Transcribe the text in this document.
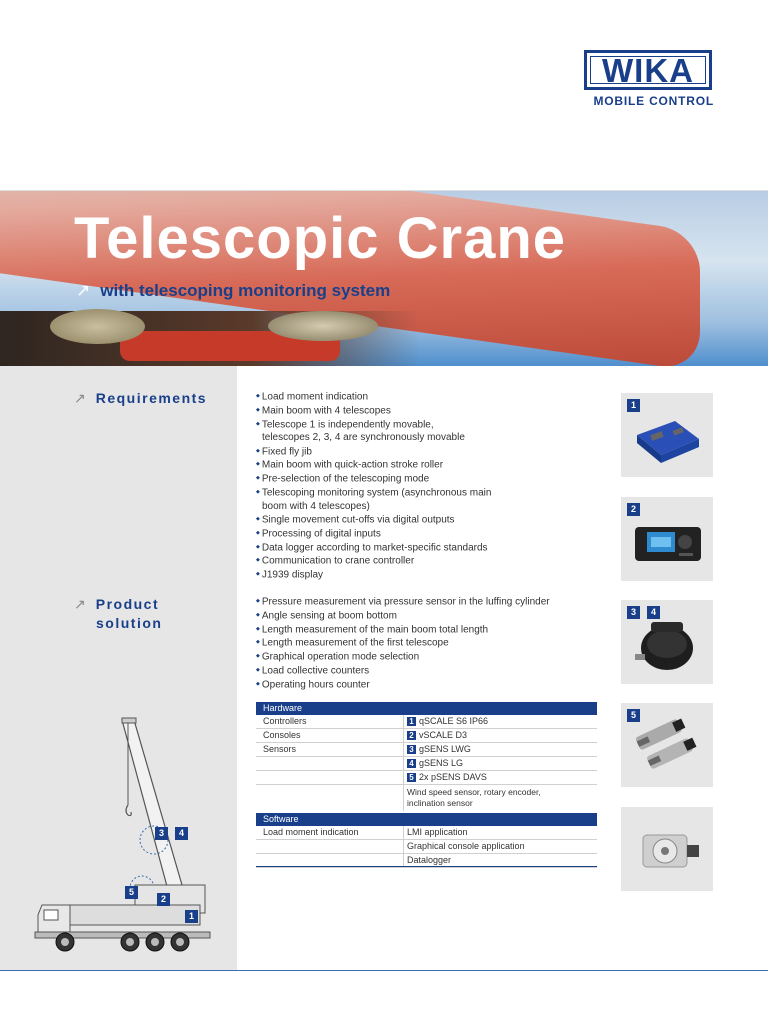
WIKA
MOBILE CONTROL
Telescopic Crane
↗ with telescoping monitoring system
↗ Requirements
◆	Load moment indication
◆ Main boom with 4 telescopes
◆ Telescope 1 is independently movable,
telescopes 2, 3, 4 are synchronously movable
◆ Fixed fly jib
◆ Main boom with quick-action stroke roller
◆ Pre-selection of the telescoping mode
◆ Telescoping monitoring system (asynchronous main
boom with 4 telescopes)
◆ Single movement cut-offs via digital outputs
◆ Processing of digital inputs
◆ Data logger according to market-specific standards
◆ Communication to crane controller
◆ J1939 display
↗ Product
solution
◆ Pressure measurement via pressure sensor in the luffing cylinder
◆ Angle sensing at boom bottom
◆ Length measurement of the main boom total length
◆ Length measurement of the first telescope
◆ Graphical operation mode selection
◆ Load collective counters
◆ Operating hours counter
Hardware
Controllers	1 qSCALE S6 IP66
Consoles	2 vSCALE D3
Sensors	3 gSENS LWG
4 gSENS LG
5 2x pSENS DAVS
Wind speed sensor, rotary encoder,
inclination sensor
Software
Load moment indication	LMI application
Graphical console application
Datalogger
1
2
3	4
5
3	4
5
2
1
